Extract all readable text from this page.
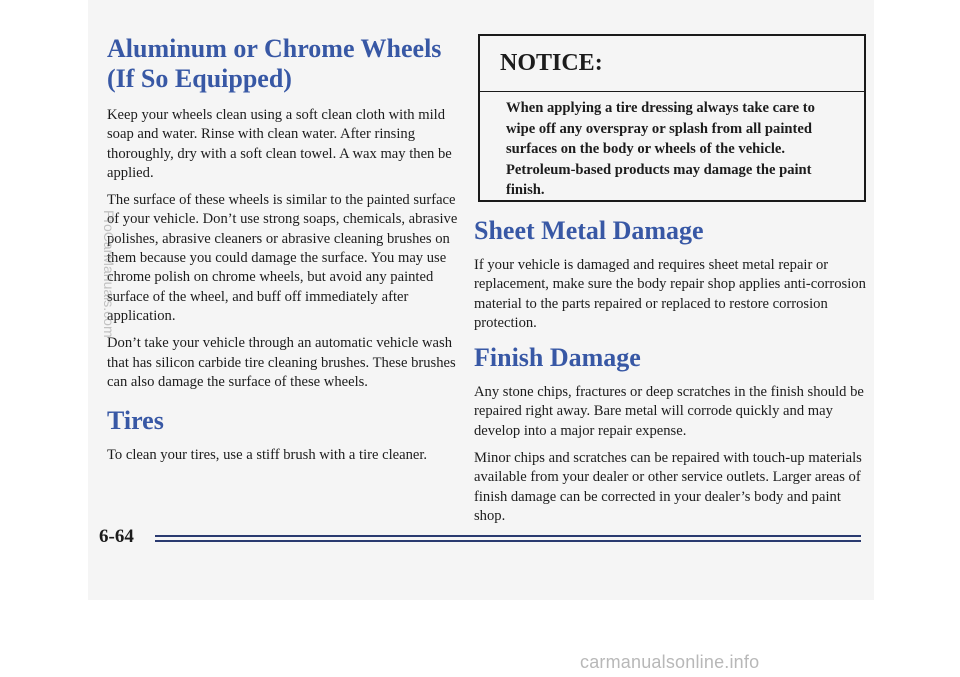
Aluminum or Chrome Wheels
(If So Equipped)

Keep your wheels clean using a soft clean cloth with mild soap and water. Rinse with clean water. After rinsing thoroughly, dry with a soft clean towel. A wax may then be applied.

The surface of these wheels is similar to the painted surface of your vehicle. Don’t use strong soaps, chemicals, abrasive polishes, abrasive cleaners or abrasive cleaning brushes on them because you could damage the surface. You may use chrome polish on chrome wheels, but avoid any painted surface of the wheel, and buff off immediately after application.

Don’t take your vehicle through an automatic vehicle wash that has silicon carbide tire cleaning brushes. These brushes can also damage the surface of these wheels.

Tires

To clean your tires, use a stiff brush with a tire cleaner.

NOTICE:
When applying a tire dressing always take care to wipe off any overspray or splash from all painted surfaces on the body or wheels of the vehicle. Petroleum-based products may damage the paint finish.
Sheet Metal Damage

If your vehicle is damaged and requires sheet metal repair or replacement, make sure the body repair shop applies anti-corrosion material to the parts repaired or replaced to restore corrosion protection.

Finish Damage

Any stone chips, fractures or deep scratches in the finish should be repaired right away. Bare metal will corrode quickly and may develop into a major repair expense.

Minor chips and scratches can be repaired with touch-up materials available from your dealer or other service outlets. Larger areas of finish damage can be corrected in your dealer’s body and paint shop.

6-64
ProCarManuals.com
carmanualsonline.info
